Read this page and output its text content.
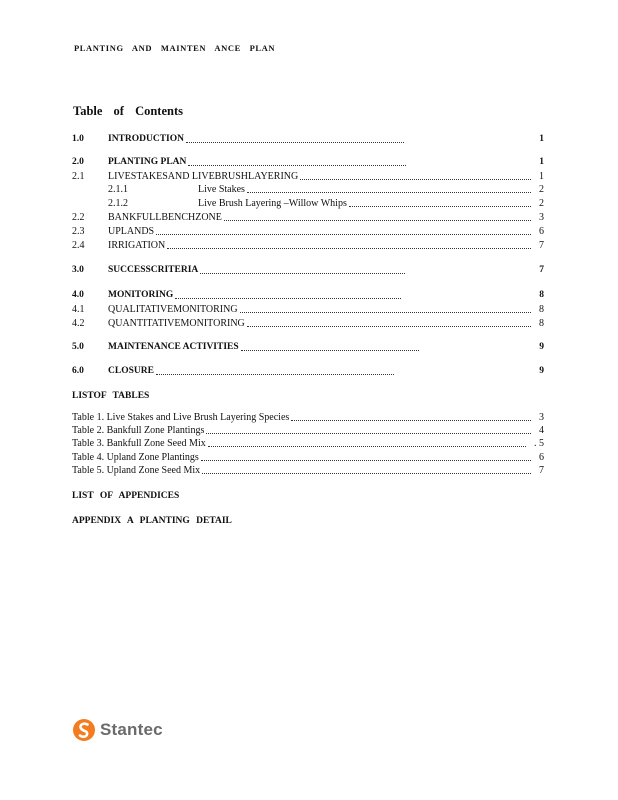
PLANTING AND MAINTEN ANCE PLAN
Table of Contents
1.0	INTRODUCTION	1
2.0	PLANTING PLAN	1
2.1	LIVESTAKESAND LIVEBRUSHLAYERING	1
2.1.1	Live Stakes	2
2.1.2	Live Brush Layering –Willow Whips	2
2.2	BANKFULLBENCHZONE	3
2.3	UPLANDS	6
2.4	IRRIGATION	7
3.0	SUCCESSCRITERIA	7
4.0	MONITORING	8
4.1	QUALITATIVEMONITORING	8
4.2	QUANTITATIVEMONITORING	8
5.0	MAINTENANCE ACTIVITIES	9
6.0	CLOSURE	9
LISTOF TABLES
Table 1. Live Stakes and Live Brush Layering Species	3
Table 2. Bankfull Zone Plantings	4
Table 3. Bankfull Zone Seed Mix	. 5
Table 4. Upland Zone Plantings	6
Table 5. Upland Zone Seed Mix	7
LIST OF APPENDICES
APPENDIX A PLANTING DETAIL
Stantec
